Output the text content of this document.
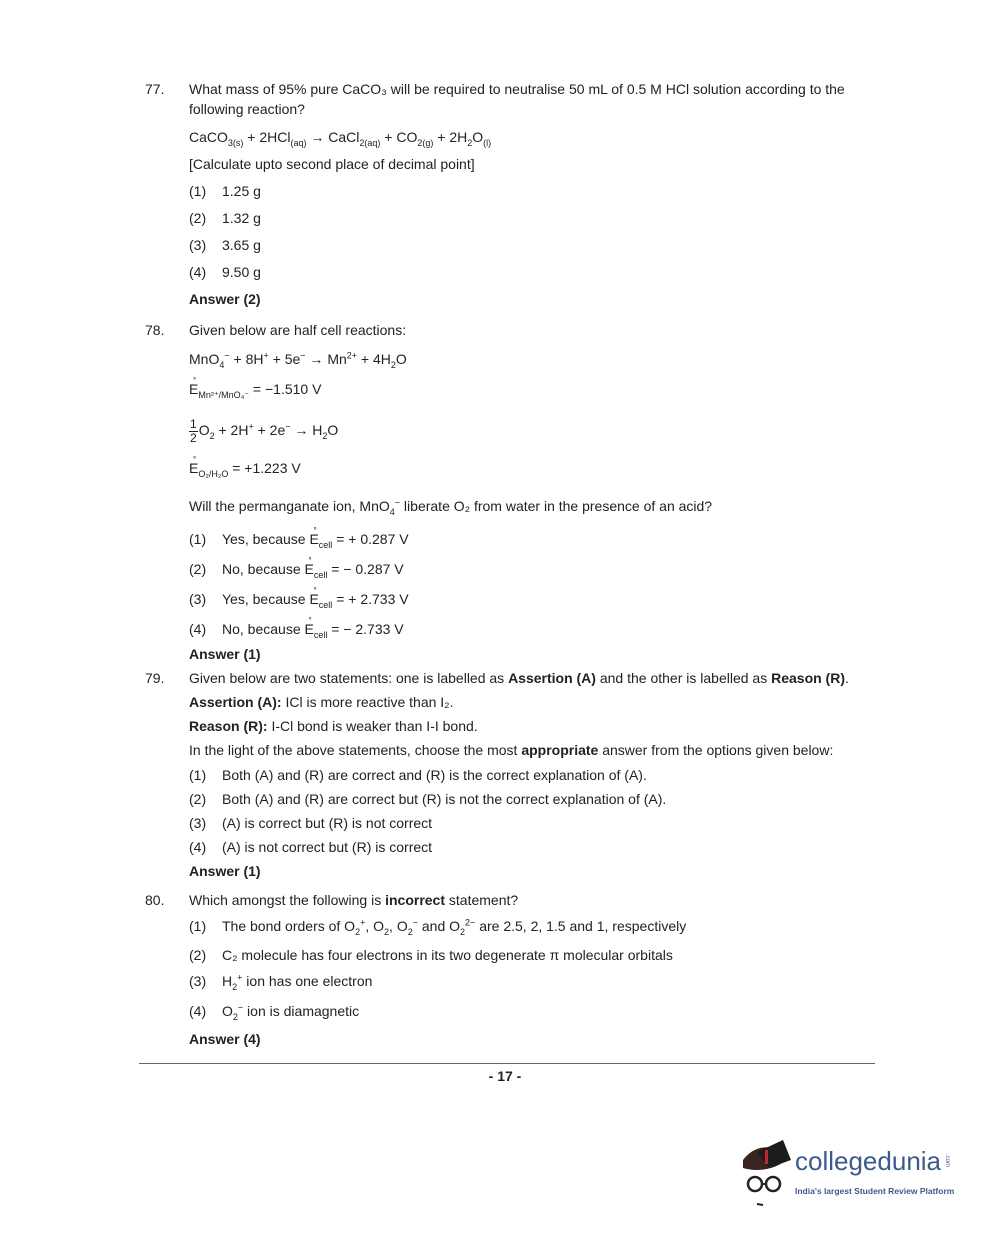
77. What mass of 95% pure CaCO₃ will be required to neutralise 50 mL of 0.5 M HCl solution according to the
following reaction?
CaCO$_{3(s)}$ + 2HCl$_{(aq)}$ → CaCl$_{2(aq)}$ + $CO_{2(g)} + 2H_2O_{(l)}$
[Calculate upto second place of decimal point]
(1) 1.25 g
(2) 1.32 g
(3) 3.65 g
(4) 9.50 g
Answer (2)
78. Given below are half cell reactions:
$MnO_4^- + 8H^+ + 5e^- \to Mn^{2+} + 4H_2O$
E $^\circ_{Mn^{2+}/MnO_4^-} = -1.510$ V
$\frac{1}{2} O_2 + 2H^+ + 2e^- \to H_2O$
E $^\circ_{O_2/H_2O} = +1.223$ V
Will the permanganate ion, MnO$_4$− liberate O₂ from water in the presence of an acid?
(1) Yes, because E $^\circ_{cell}$ = + 0.287 V
(2) No, because E $^\circ_{cell}$ = − 0.287 V
(3) Yes, because E $^\circ_{cell}$ = + 2.733 V
(4) No, because E $^\circ_{cell}$ = − 2.733 V
Answer (1)
79. Given below are two statements: one is labelled as Assertion (A) and the other is labelled as Reason (R).
Assertion (A): ICl is more reactive than I₂.
Reason (R): I-Cl bond is weaker than I-I bond.
In the light of the above statements, choose the most appropriate answer from the options given below:
(1) Both (A) and (R) are correct and (R) is the correct explanation of (A).
(2) Both (A) and (R) are correct but (R) is not the correct explanation of (A).
(3) (A) is correct but (R) is not correct
(4) (A) is not correct but (R) is correct
Answer (1)
80. Which amongst the following is incorrect statement?
(1) The bond orders of $O_2^+$, $O_2$, $O_2^-$ and $O_2^{2-}$ are 2.5, 2, 1.5 and 1, respectively
(2) C₂ molecule has four electrons in its two degenerate π molecular orbitals
(3) $H_2^+$ ion has one electron
(4) $O_2^-$ ion is diamagnetic
Answer (4)
- 17 -
collegedunia .com
India's largest Student Review Platform
